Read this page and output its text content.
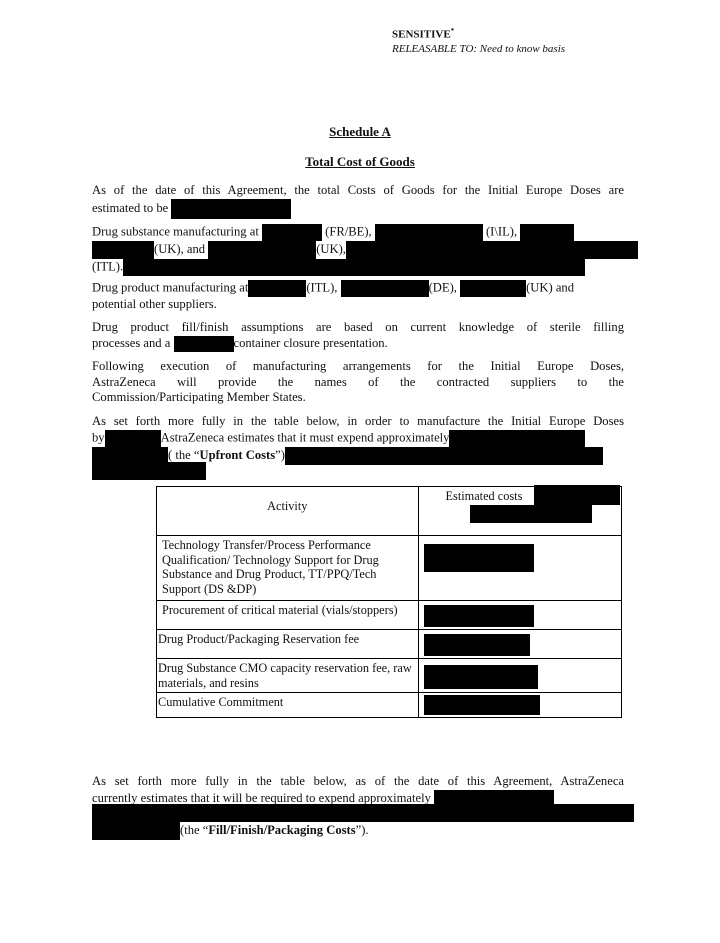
SENSITIVE*
RELEASABLE TO: Need to know basis
Schedule A
Total Cost of Goods
As of the date of this Agreement, the total Costs of Goods for the Initial Europe Doses are
estimated to be
Drug substance manufacturing at	(FR/BE),	(I\IL),
(UK), and	(UK),
(ITL).
Drug product manufacturing at	(ITL),	(DE),	(UK) and
potential other suppliers.
Drug product fill/finish assumptions are based on current knowledge of sterile filling
processes and a	container closure presentation.
Following execution of manufacturing arrangements for the Initial Europe Doses,
AstraZeneca will provide the names of the contracted suppliers to the
Commission/Participating Member States.
As set forth more fully in the table below, in order to manufacture the Initial Europe Doses
by	AstraZeneca estimates that it must expend approximately
( the “Upfront Costs”)
Activity	Estimated costs
Technology Transfer/Process Performance Qualification/ Technology Support for Drug Substance and Drug Product, TT/PPQ/Tech Support (DS &DP)	
Procurement of critical material (vials/stoppers)	
Drug Product/Packaging Reservation fee	
Drug Substance CMO capacity reservation fee, raw materials, and resins	
Cumulative Commitment	
As set forth more fully in the table below, as of the date of this Agreement, AstraZeneca
currently estimates that it will be required to expend approximately
(the “Fill/Finish/Packaging Costs”).
